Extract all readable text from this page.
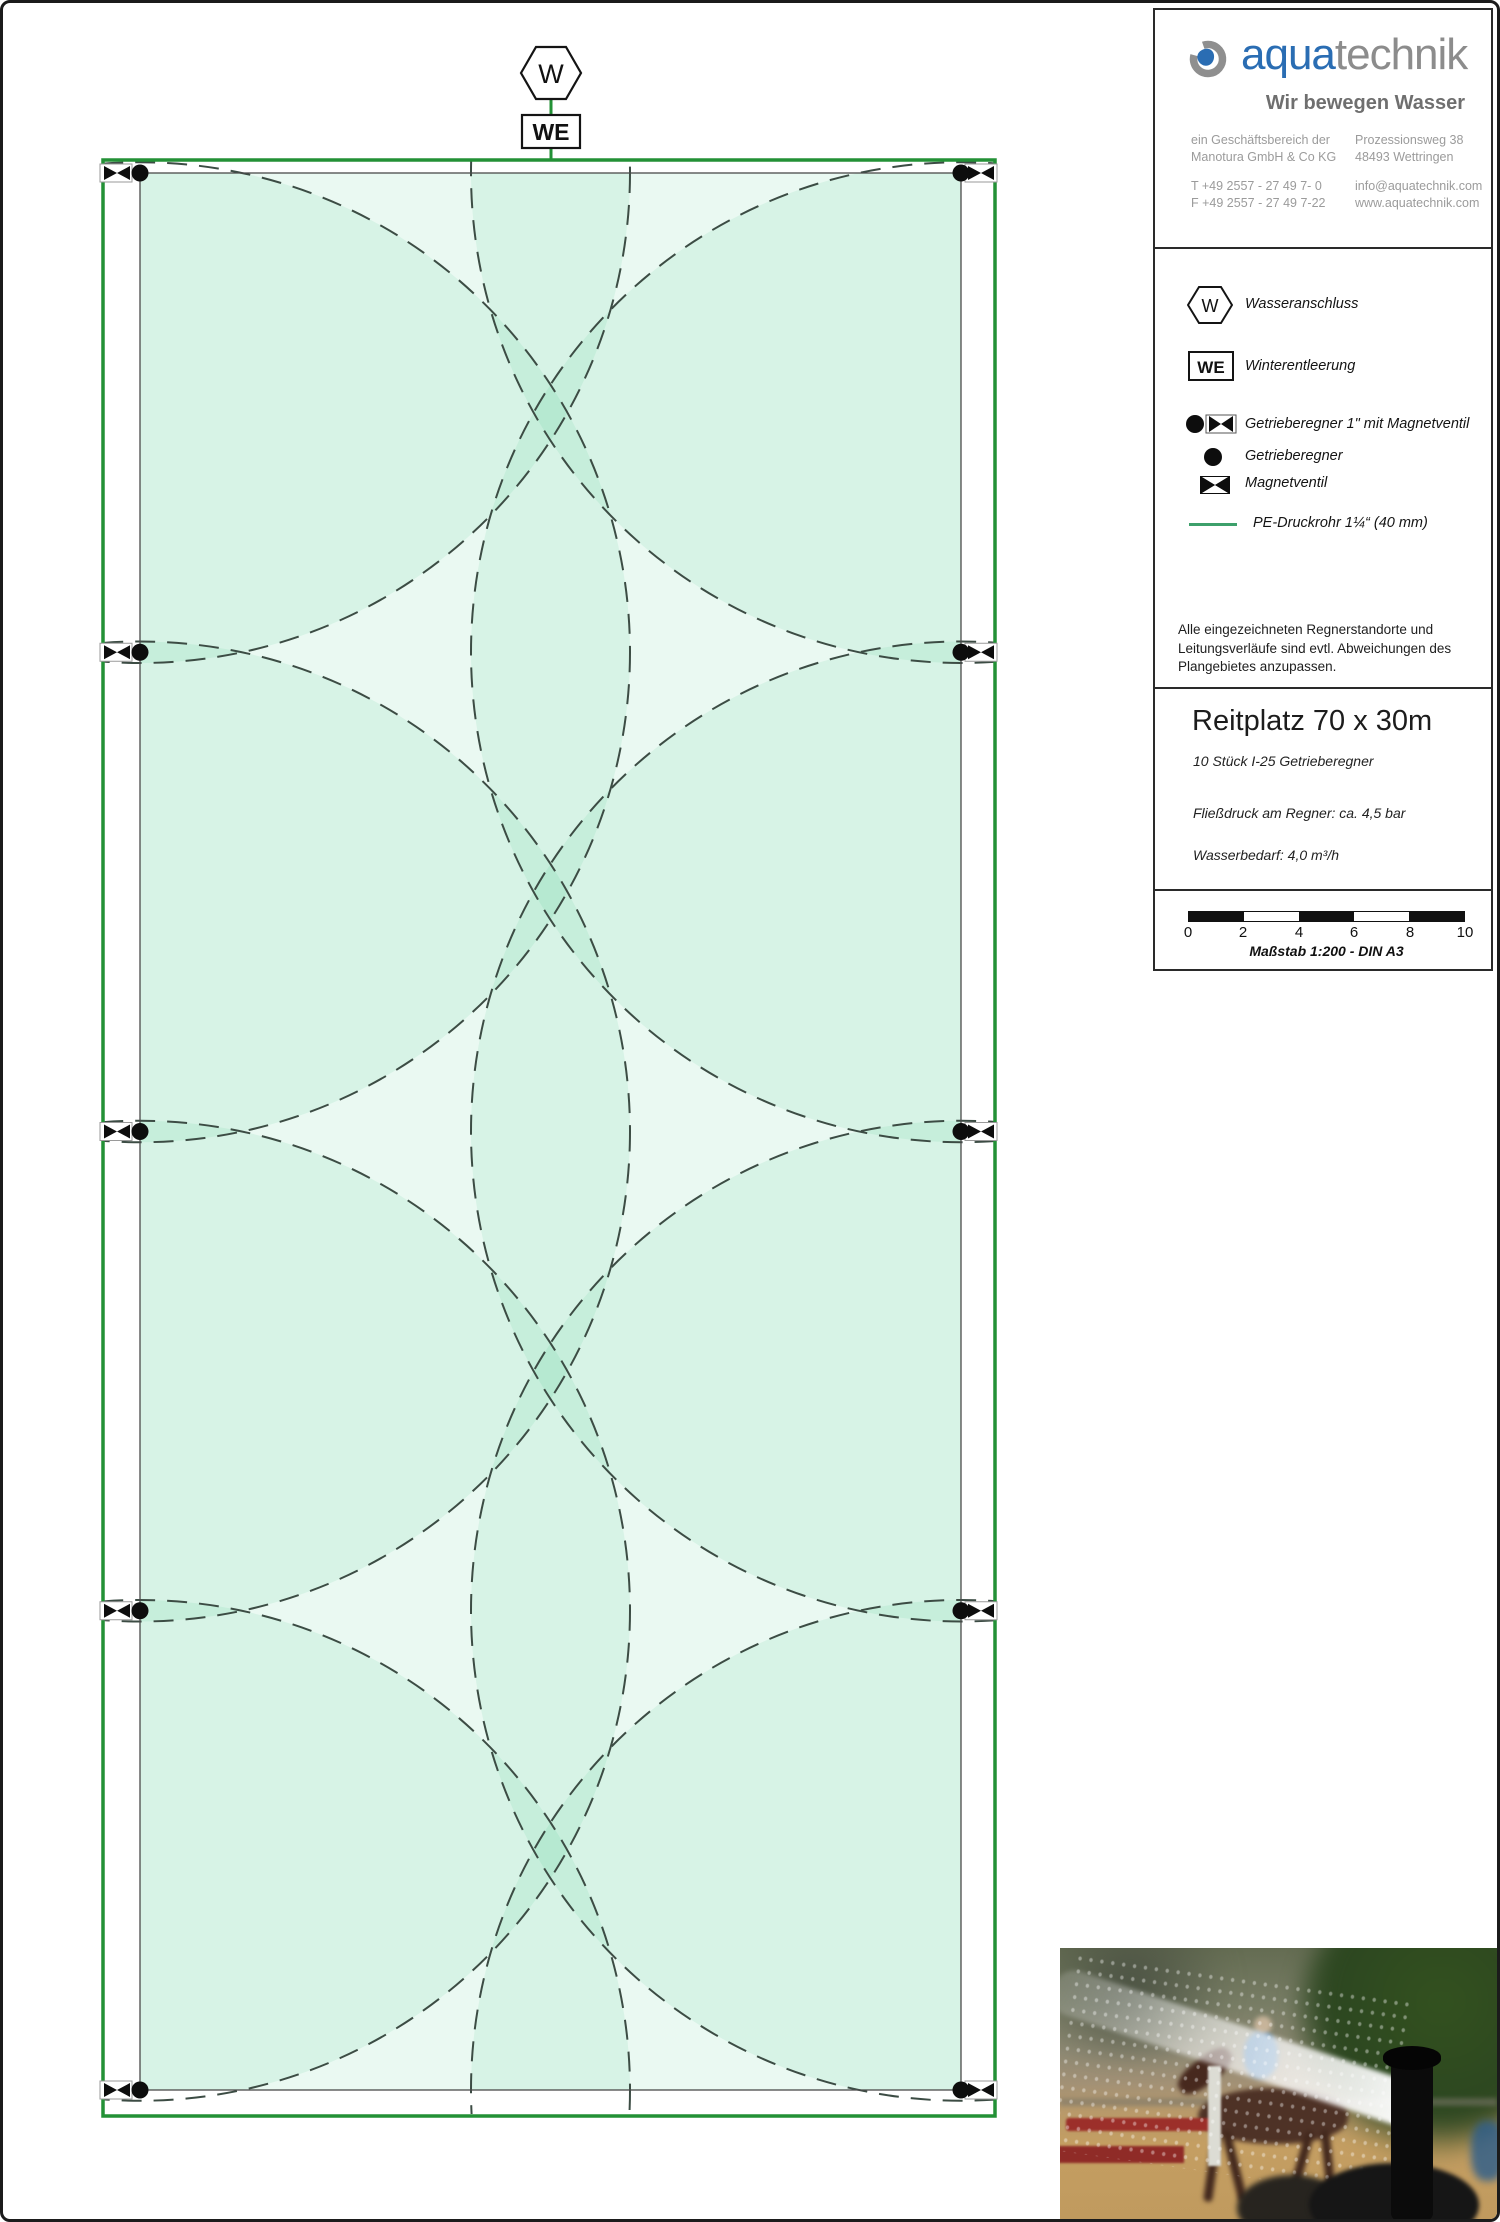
W
WE
aquatechnik
Wir bewegen Wasser
ein Geschäftsbereich der
Manotura GmbH & Co KG
Prozessionsweg 38
48493 Wettringen
T +49 2557 - 27 49 7- 0
F +49 2557 - 27 49 7-22
info@aquatechnik.com
www.aquatechnik.com
W Wasseranschluss
WE Winterentleerung
Getrieberegner 1" mit Magnetventil
Getrieberegner
Magnetventil
PE-Druckrohr 1¼“ (40 mm)
Alle eingezeichneten Regnerstandorte und Leitungsverläufe sind evtl. Abweichungen des Plangebietes anzupassen.
Reitplatz 70 x 30m
10 Stück I-25 Getrieberegner
Fließdruck am Regner: ca. 4,5 bar
Wasserbedarf: 4,0 m³/h
0	2	4	6	8	10
Maßstab 1:200 - DIN A3
